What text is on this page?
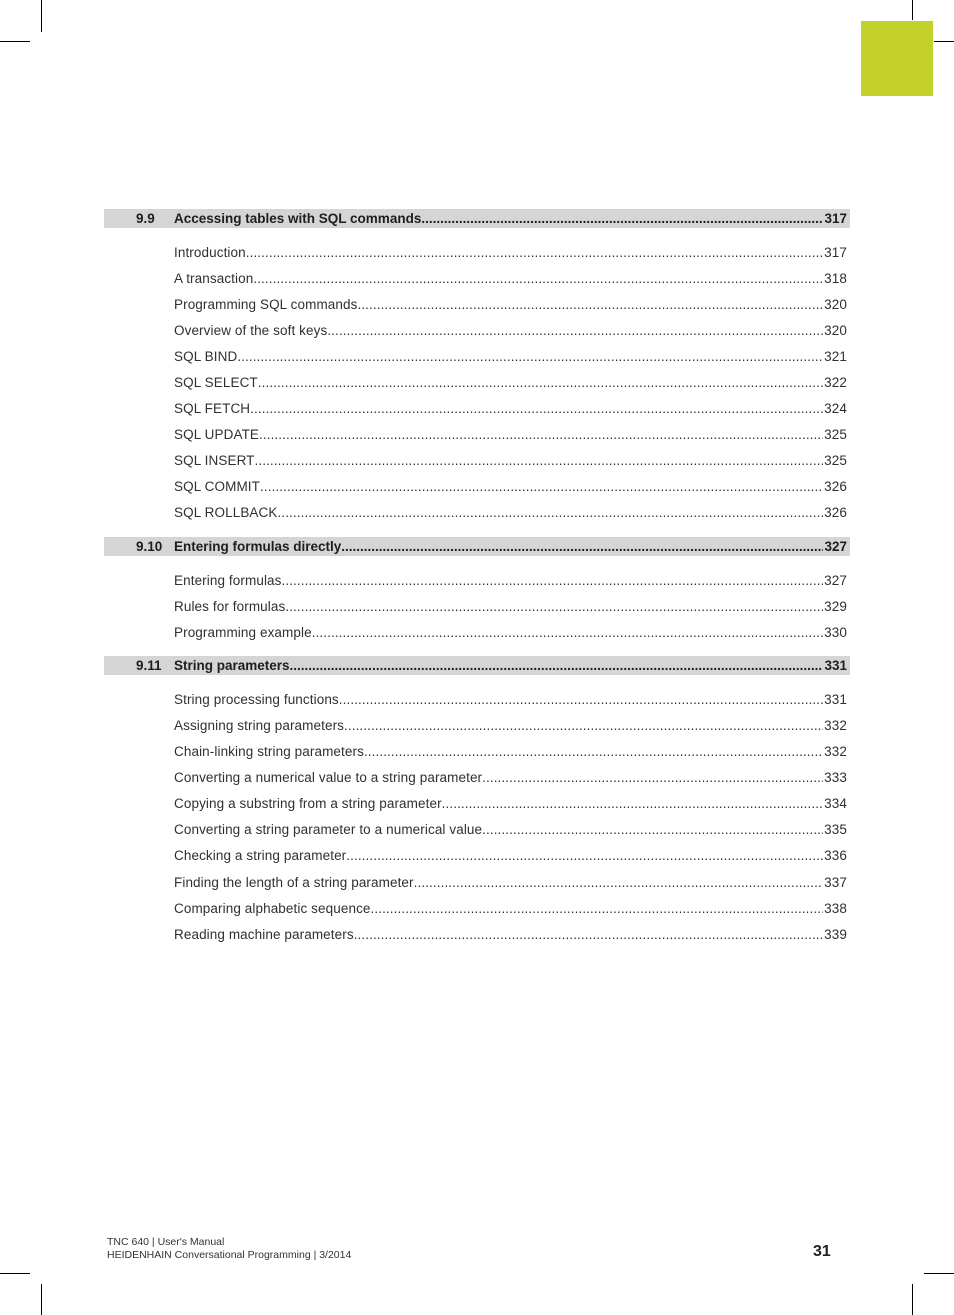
9.9	Accessing tables with SQL commands .....	317
Introduction .....	317
A transaction .....	318
Programming SQL commands .....	320
Overview of the soft keys .....	320
SQL BIND .....	321
SQL SELECT .....	322
SQL FETCH .....	324
SQL UPDATE .....	325
SQL INSERT .....	325
SQL COMMIT .....	326
SQL ROLLBACK .....	326
9.10 Entering formulas directly .....	327
Entering formulas .....	327
Rules for formulas .....	329
Programming example .....	330
9.11 String parameters .....	331
String processing functions .....	331
Assigning string parameters .....	332
Chain-linking string parameters .....	332
Converting a numerical value to a string parameter .....	333
Copying a substring from a string parameter .....	334
Converting a string parameter to a numerical value .....	335
Checking a string parameter .....	336
Finding the length of a string parameter .....	337
Comparing alphabetic sequence .....	338
Reading machine parameters .....	339
TNC 640 | User's Manual
HEIDENHAIN Conversational Programming | 3/2014	31
